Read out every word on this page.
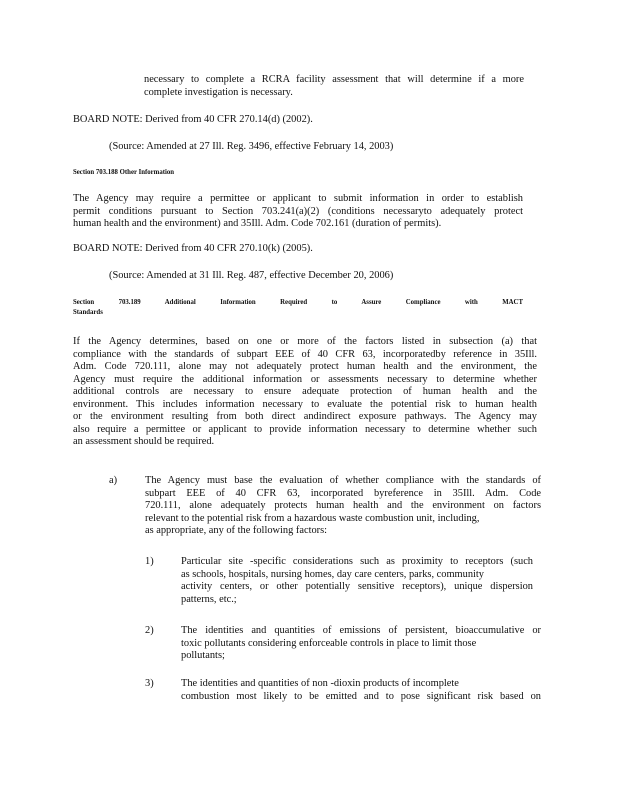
necessary to complete a RCRA facility assessment that will determine if a more
complete investigation is necessary.
BOARD NOTE: Derived from 40 CFR 270.14(d) (2002).
(Source: Amended at 27 Ill. Reg. 3496, effective February 14, 2003)
Section 703.188 Other Information
The Agency may require a permittee or applicant to submit information in order to establish
permit conditions pursuant to Section 703.241(a)(2) (conditions necessaryto adequately protect
human health and the environment) and 35Ill. Adm. Code 702.161 (duration of permits).
BOARD NOTE: Derived from 40 CFR 270.10(k) (2005).
(Source: Amended at 31 Ill. Reg. 487, effective December 20, 2006)
Section 703.189 Additional Information Required to Assure Compliance with MACT
Standards
If the Agency determines, based on one or more of the factors listed in subsection (a) that
compliance with the standards of subpart EEE of 40 CFR 63, incorporatedby reference in 35Ill.
Adm. Code 720.111, alone may not adequately protect human health and the environment, the
Agency must require the additional information or assessments necessary to determine whether
additional controls are necessary to ensure adequate protection of human health and the
environment. This includes information necessary to evaluate the potential risk to human health
or the environment resulting from both direct andindirect exposure pathways. The Agency may
also require a permittee or applicant to provide information necessary to determine whether such
an assessment should be required.
a)	The Agency must base the evaluation of whether compliance with the standards of
subpart EEE of 40 CFR 63, incorporated byreference in 35Ill. Adm. Code
720.111, alone adequately protects human health and the environment on factors
relevant to the potential risk from a hazardous waste combustion unit, including,
as appropriate, any of the following factors:
1)	Particular site -specific considerations such as proximity to receptors (such
as schools, hospitals, nursing homes, day care centers, parks, community
activity centers, or other potentially sensitive receptors), unique dispersion
patterns, etc.;
2)	The identities and quantities of emissions of persistent, bioaccumulative or
toxic pollutants considering enforceable controls in place to limit those
pollutants;
3)	The identities and quantities of non -dioxin products of incomplete
combustion most likely to be emitted and to pose significant risk based on
